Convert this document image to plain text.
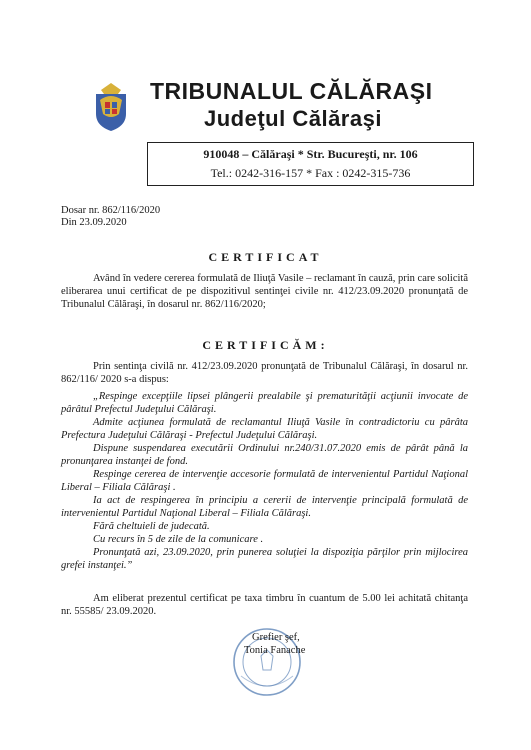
TRIBUNALUL CĂLĂRAŞI
Judeţul Călăraşi
910048 – Călăraşi * Str. Bucureşti, nr. 106
Tel.: 0242-316-157 * Fax : 0242-315-736
Dosar nr. 862/116/2020
Din 23.09.2020
CERTIFICAT
Având în vedere cererea formulată de Iliuţă Vasile – reclamant în cauză, prin care solicită eliberarea unui certificat de pe dispozitivul sentinţei civile nr. 412/23.09.2020 pronunţată de Tribunalul Călăraşi, în dosarul nr. 862/116/2020;
CERTIFICĂM:
Prin sentinţa civilă nr. 412/23.09.2020 pronunţată de Tribunalul Călăraşi, în dosarul nr. 862/116/ 2020 s-a dispus:

„Respinge excepţiile lipsei plângerii prealabile şi prematurităţii acţiunii invocate de pârâtul Prefectul Judeţului Călăraşi.

Admite acţiunea formulată de reclamantul Iliuţă Vasile în contradictoriu cu pârâta Prefectura Judeţului Călăraşi - Prefectul Judeţului Călăraşi.

Dispune suspendarea executării Ordinului nr.240/31.07.2020 emis de pârât până la pronunţarea instanţei de fond.

Respinge cererea de intervenţie accesorie formulată de intervenientul Partidul Naţional Liberal – Filiala Călăraşi .

Ia act de respingerea în principiu a cererii de intervenţie principală formulată de intervenientul Partidul Naţional Liberal – Filiala Călăraşi.

Fără cheltuieli de judecată.

Cu recurs în 5 de zile de la comunicare .

Pronunţată azi, 23.09.2020, prin punerea soluţiei la dispoziţia părţilor prin mijlocirea grefei instanţei.”

Am eliberat prezentul certificat pe taxa timbru în cuantum de 5.00 lei achitată chitanţa nr. 55585/ 23.09.2020.
Grefier şef,
Tonia Fanache
